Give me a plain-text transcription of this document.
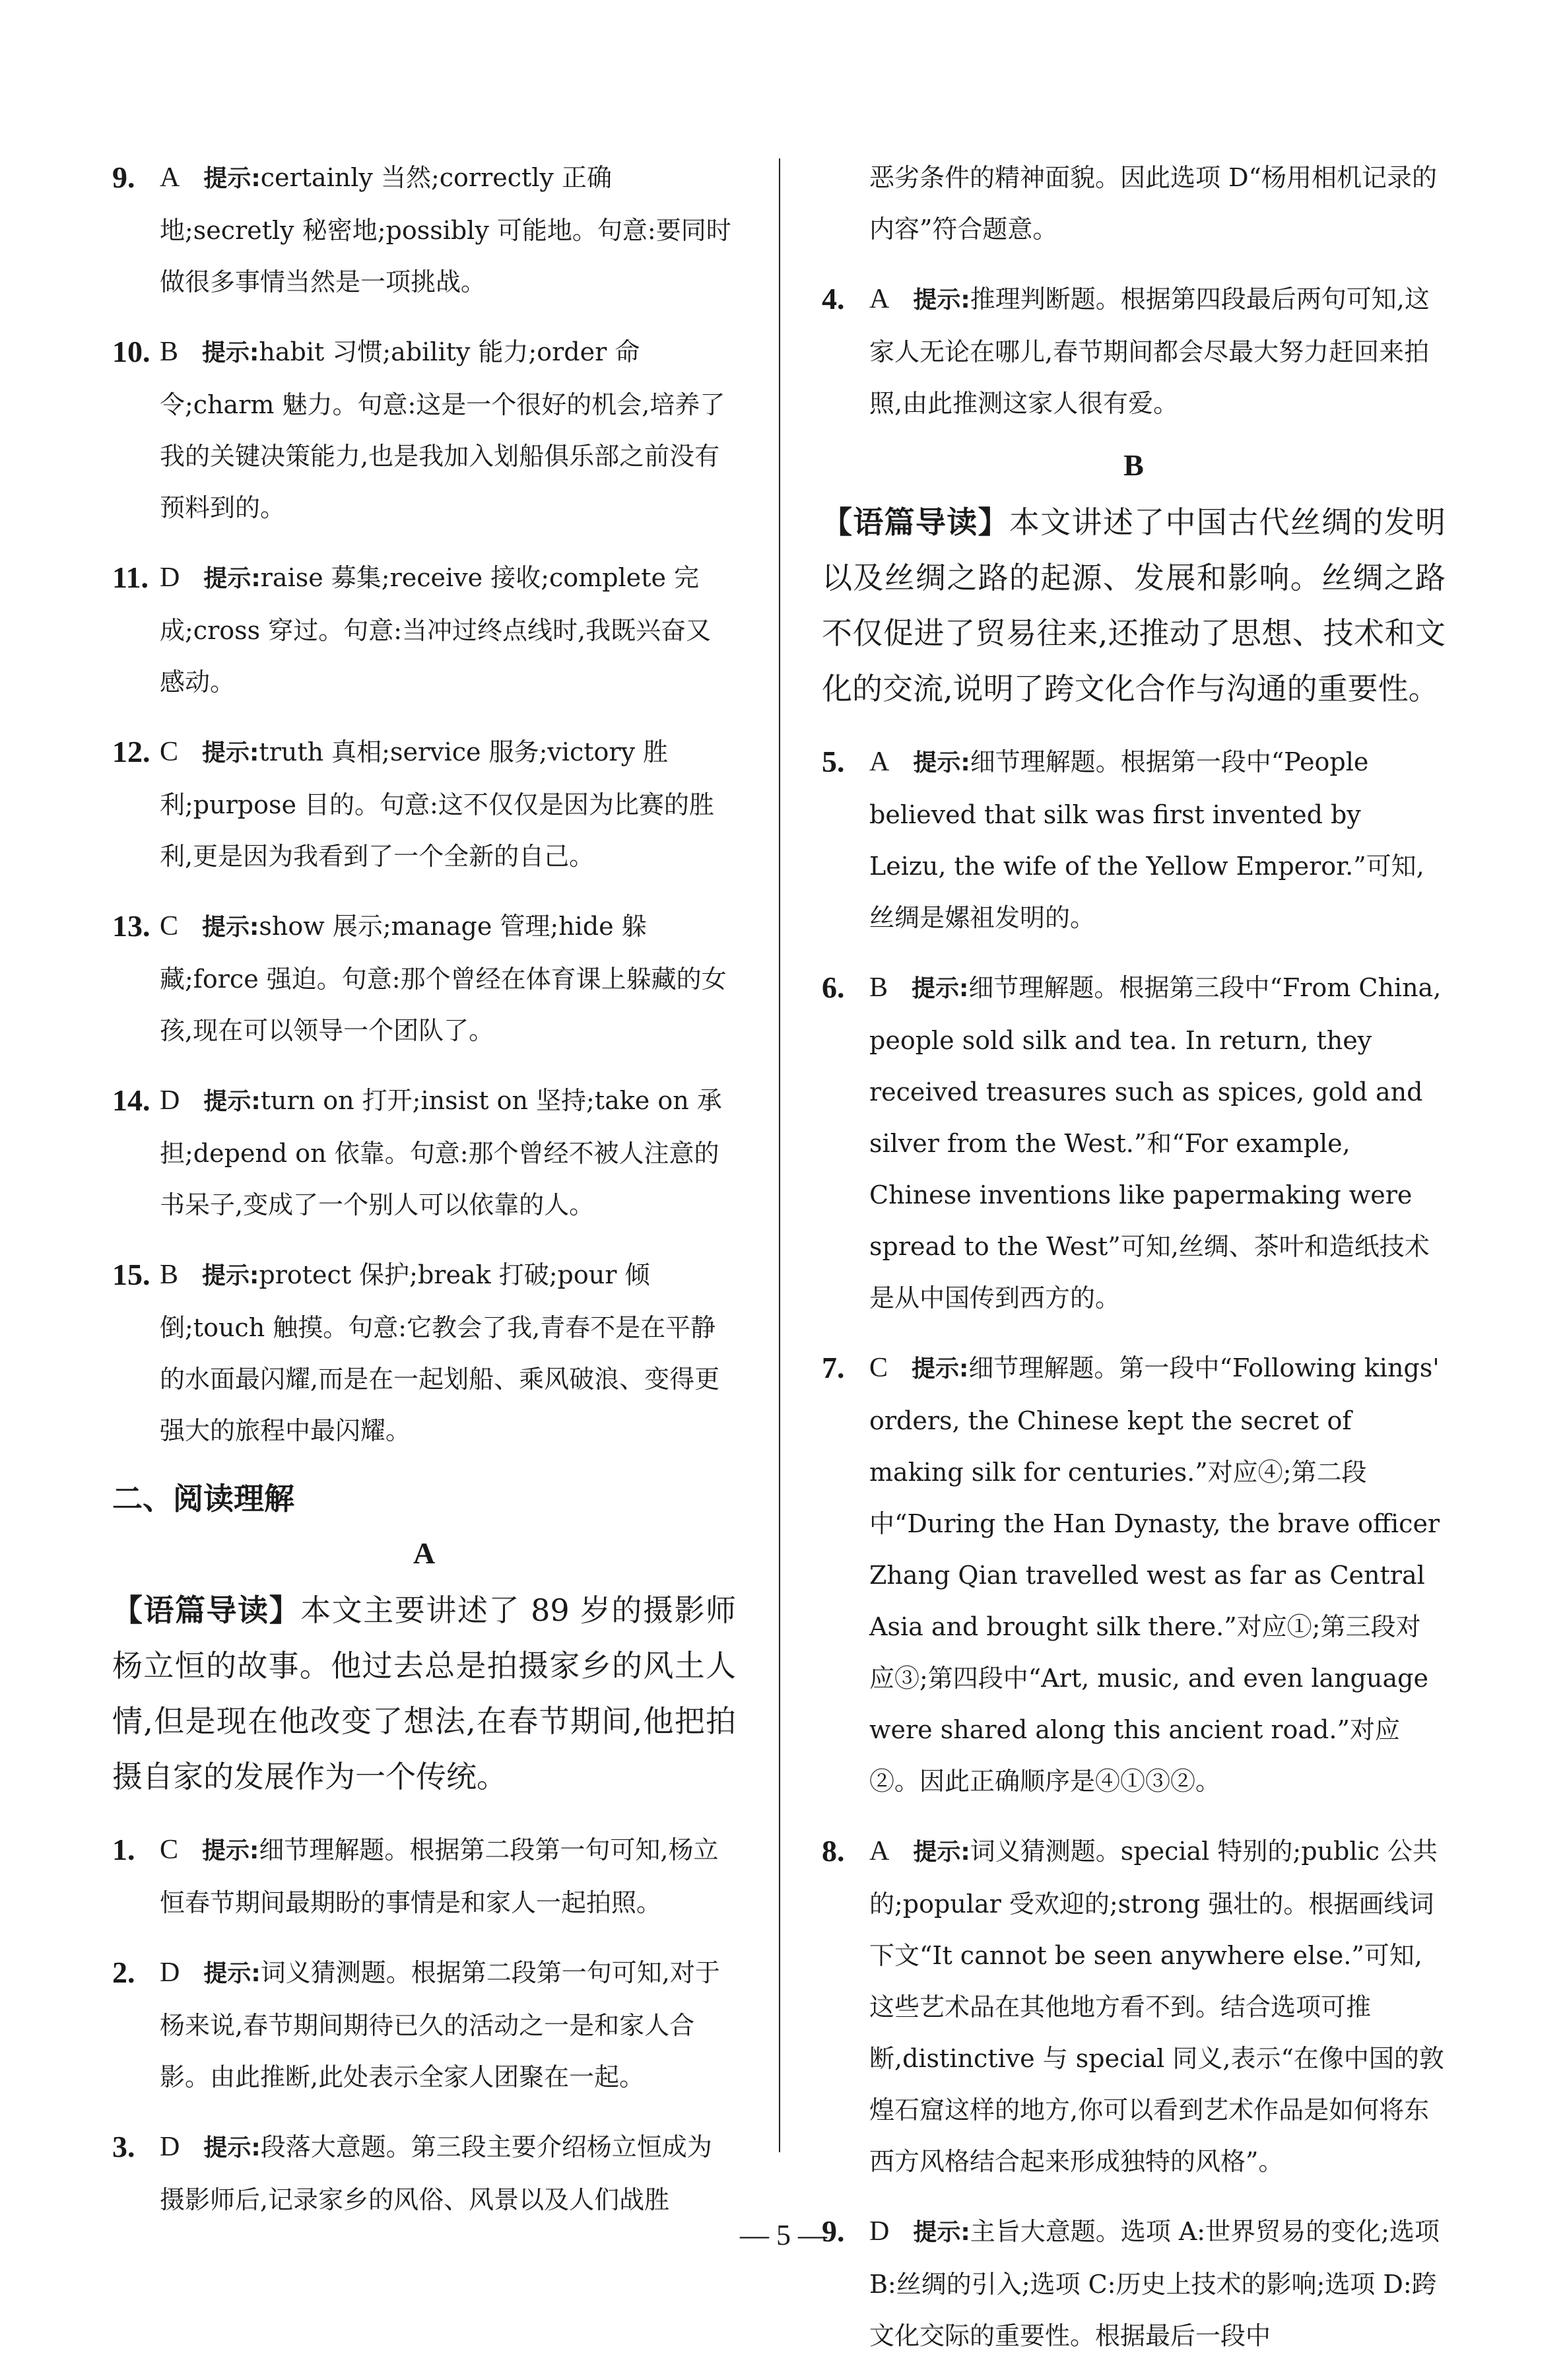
9. A 提示:certainly 当然;correctly 正确地;secretly 秘密地;possibly 可能地。句意:要同时做很多事情当然是一项挑战。
10. B 提示:habit 习惯;ability 能力;order 命令;charm 魅力。句意:这是一个很好的机会,培养了我的关键决策能力,也是我加入划船俱乐部之前没有预料到的。
11. D 提示:raise 募集;receive 接收;complete 完成;cross 穿过。句意:当冲过终点线时,我既兴奋又感动。
12. C 提示:truth 真相;service 服务;victory 胜利;purpose 目的。句意:这不仅仅是因为比赛的胜利,更是因为我看到了一个全新的自己。
13. C 提示:show 展示;manage 管理;hide 躲藏;force 强迫。句意:那个曾经在体育课上躲藏的女孩,现在可以领导一个团队了。
14. D 提示:turn on 打开;insist on 坚持;take on 承担;depend on 依靠。句意:那个曾经不被人注意的书呆子,变成了一个别人可以依靠的人。
15. B 提示:protect 保护;break 打破;pour 倾倒;touch 触摸。句意:它教会了我,青春不是在平静的水面最闪耀,而是在一起划船、乘风破浪、变得更强大的旅程中最闪耀。
二、阅读理解
A
【语篇导读】本文主要讲述了 89 岁的摄影师杨立恒的故事。他过去总是拍摄家乡的风土人情,但是现在他改变了想法,在春节期间,他把拍摄自家的发展作为一个传统。
1. C 提示:细节理解题。根据第二段第一句可知,杨立恒春节期间最期盼的事情是和家人一起拍照。
2. D 提示:词义猜测题。根据第二段第一句可知,对于杨来说,春节期间期待已久的活动之一是和家人合影。由此推断,此处表示全家人团聚在一起。
3. D 提示:段落大意题。第三段主要介绍杨立恒成为摄影师后,记录家乡的风俗、风景以及人们战胜
恶劣条件的精神面貌。因此选项 D“杨用相机记录的内容”符合题意。
4. A 提示:推理判断题。根据第四段最后两句可知,这家人无论在哪儿,春节期间都会尽最大努力赶回来拍照,由此推测这家人很有爱。
B
【语篇导读】本文讲述了中国古代丝绸的发明以及丝绸之路的起源、发展和影响。丝绸之路不仅促进了贸易往来,还推动了思想、技术和文化的交流,说明了跨文化合作与沟通的重要性。
5. A 提示:细节理解题。根据第一段中“People believed that silk was first invented by Leizu, the wife of the Yellow Emperor.”可知,丝绸是嫘祖发明的。
6. B 提示:细节理解题。根据第三段中“From China, people sold silk and tea. In return, they received treasures such as spices, gold and silver from the West.”和“For example, Chinese inventions like papermaking were spread to the West”可知,丝绸、茶叶和造纸技术是从中国传到西方的。
7. C 提示:细节理解题。第一段中“Following kings' orders, the Chinese kept the secret of making silk for centuries.”对应④;第二段中“During the Han Dynasty, the brave officer Zhang Qian travelled west as far as Central Asia and brought silk there.”对应①;第三段对应③;第四段中“Art, music, and even language were shared along this ancient road.”对应②。因此正确顺序是④①③②。
8. A 提示:词义猜测题。special 特别的;public 公共的;popular 受欢迎的;strong 强壮的。根据画线词下文“It cannot be seen anywhere else.”可知,这些艺术品在其他地方看不到。结合选项可推断,distinctive 与 special 同义,表示“在像中国的敦煌石窟这样的地方,你可以看到艺术作品是如何将东西方风格结合起来形成独特的风格”。
9. D 提示:主旨大意题。选项 A:世界贸易的变化;选项 B:丝绸的引入;选项 C:历史上技术的影响;选项 D:跨文化交际的重要性。根据最后一段中
— 5 —
